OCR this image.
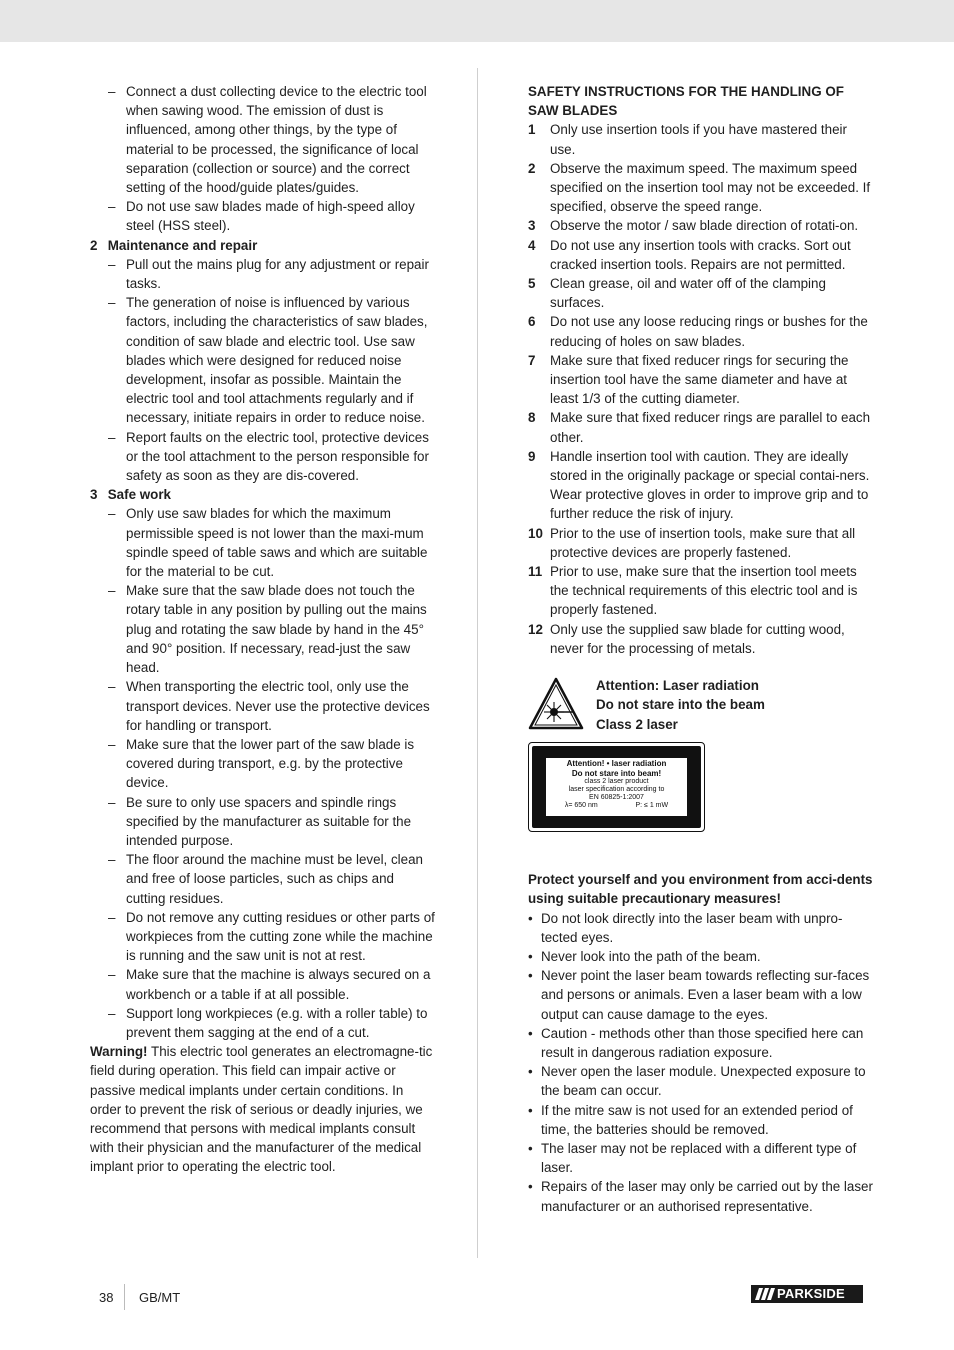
– Connect a dust collecting device to the electric tool when sawing wood. The emission of dust is influenced, among other things, by the type of material to be processed, the significance of local separation (collection or source) and the correct setting of the hood/guide plates/guides.
– Do not use saw blades made of high-speed alloy steel (HSS steel).
2 Maintenance and repair
– Pull out the mains plug for any adjustment or repair tasks.
– The generation of noise is influenced by various factors, including the characteristics of saw blades, condition of saw blade and electric tool. Use saw blades which were designed for reduced noise development, insofar as possible. Maintain the electric tool and tool attachments regularly and if necessary, initiate repairs in order to reduce noise.
– Report faults on the electric tool, protective devices or the tool attachment to the person responsible for safety as soon as they are dis-covered.
3 Safe work
– Only use saw blades for which the maximum permissible speed is not lower than the maxi-mum spindle speed of table saws and which are suitable for the material to be cut.
– Make sure that the saw blade does not touch the rotary table in any position by pulling out the mains plug and rotating the saw blade by hand in the 45° and 90° position. If necessary, read-just the saw head.
– When transporting the electric tool, only use the transport devices. Never use the protective devices for handling or transport.
– Make sure that the lower part of the saw blade is covered during transport, e.g. by the protective device.
– Be sure to only use spacers and spindle rings specified by the manufacturer as suitable for the intended purpose.
– The floor around the machine must be level, clean and free of loose particles, such as chips and cutting residues.
– Do not remove any cutting residues or other parts of workpieces from the cutting zone while the machine is running and the saw unit is not at rest.
– Make sure that the machine is always secured on a workbench or a table if at all possible.
– Support long workpieces (e.g. with a roller table) to prevent them sagging at the end of a cut.
Warning! This electric tool generates an electromagne-tic field during operation. This field can impair active or passive medical implants under certain conditions. In order to prevent the risk of serious or deadly injuries, we recommend that persons with medical implants consult with their physician and the manufacturer of the medical implant prior to operating the electric tool.
SAFETY INSTRUCTIONS FOR THE HANDLING OF SAW BLADES
1 Only use insertion tools if you have mastered their use.
2 Observe the maximum speed. The maximum speed specified on the insertion tool may not be exceeded. If specified, observe the speed range.
3 Observe the motor / saw blade direction of rotati-on.
4 Do not use any insertion tools with cracks. Sort out cracked insertion tools. Repairs are not permitted.
5 Clean grease, oil and water off of the clamping surfaces.
6 Do not use any loose reducing rings or bushes for the reducing of holes on saw blades.
7 Make sure that fixed reducer rings for securing the insertion tool have the same diameter and have at least 1/3 of the cutting diameter.
8 Make sure that fixed reducer rings are parallel to each other.
9 Handle insertion tool with caution. They are ideally stored in the originally package or special contai-ners. Wear protective gloves in order to improve grip and to further reduce the risk of injury.
10 Prior to the use of insertion tools, make sure that all protective devices are properly fastened.
11 Prior to use, make sure that the insertion tool meets the technical requirements of this electric tool and is properly fastened.
12 Only use the supplied saw blade for cutting wood, never for the processing of metals.
Attention: Laser radiation
Do not stare into the beam
Class 2 laser
Attention! • laser radiation
Do not stare into beam!
class 2 laser product
laser specification according to
EN 60825-1:2007
λ= 650 nm	P: ≤ 1 mW
Protect yourself and you environment from acci-dents using suitable precautionary measures!
• Do not look directly into the laser beam with unpro-tected eyes.
• Never look into the path of the beam.
• Never point the laser beam towards reflecting sur-faces and persons or animals. Even a laser beam with a low output can cause damage to the eyes.
• Caution - methods other than those specified here can result in dangerous radiation exposure.
• Never open the laser module. Unexpected exposure to the beam can occur.
• If the mitre saw is not used for an extended period of time, the batteries should be removed.
• The laser may not be replaced with a different type of laser.
• Repairs of the laser may only be carried out by the laser manufacturer or an authorised representative.
38 GB/MT	PARKSIDE
